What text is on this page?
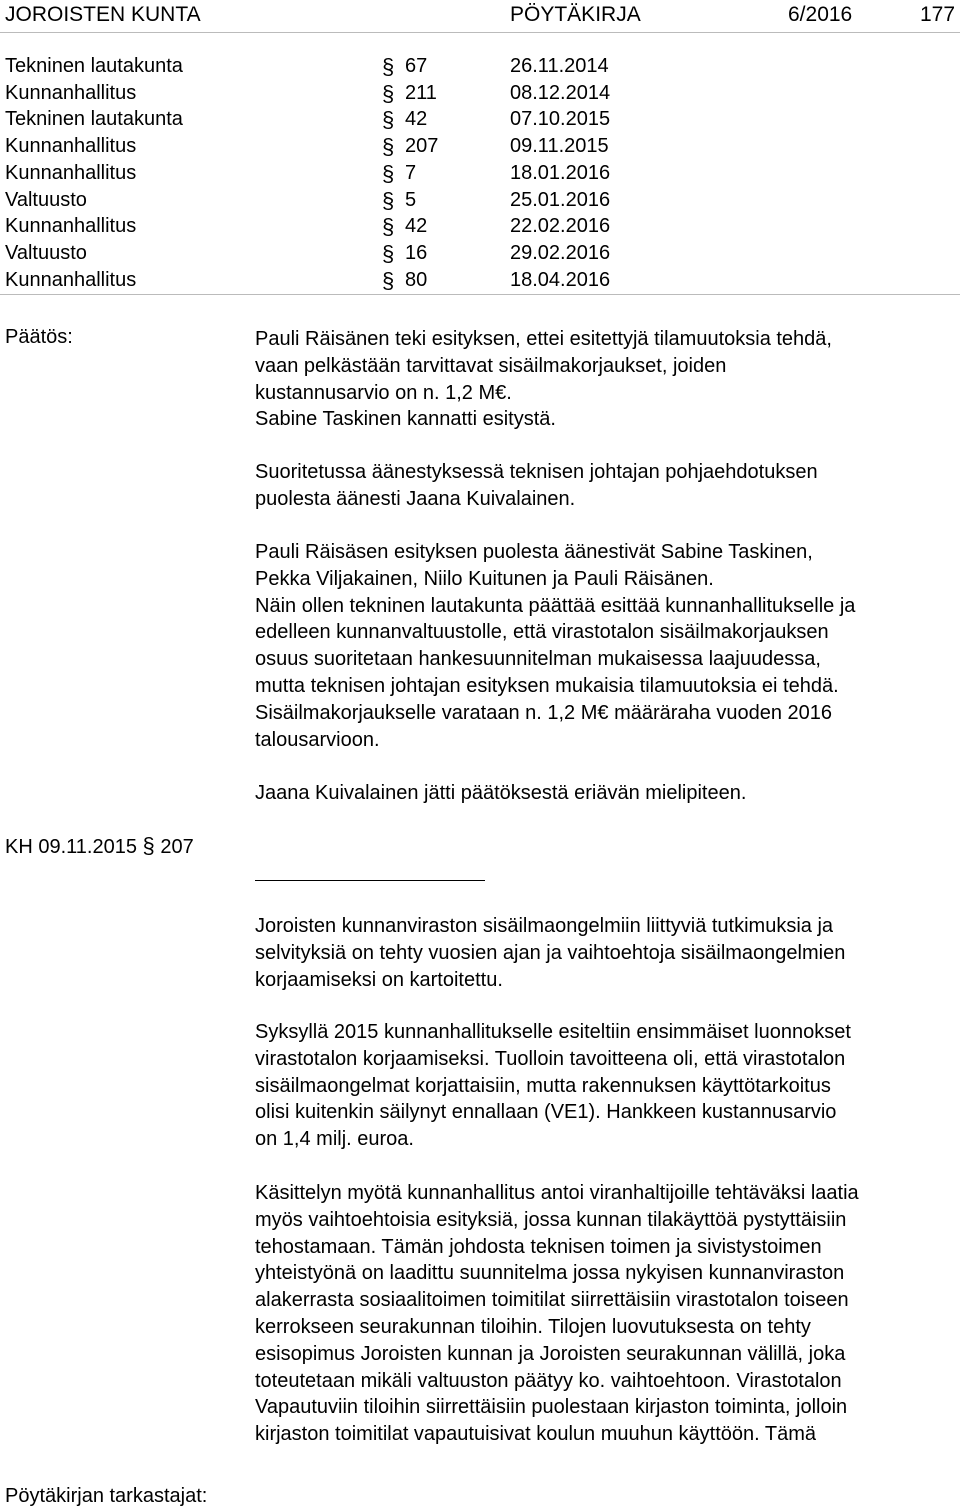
JOROISTEN KUNTA	PÖYTÄKIRJA	6/2016	177
Tekninen lautakunta	§ 67	26.11.2014
Kunnanhallitus	§ 211	08.12.2014
Tekninen lautakunta	§ 42	07.10.2015
Kunnanhallitus	§ 207	09.11.2015
Kunnanhallitus	§ 7	18.01.2016
Valtuusto	§ 5	25.01.2016
Kunnanhallitus	§ 42	22.02.2016
Valtuusto	§ 16	29.02.2016
Kunnanhallitus	§ 80	18.04.2016
Päätös:	Pauli Räisänen teki esityksen, ettei esitettyjä tilamuutoksia tehdä,
vaan pelkästään tarvittavat sisäilmakorjaukset, joiden
kustannusarvio on n. 1,2 M€.
Sabine Taskinen kannatti esitystä.
Suoritetussa äänestyksessä teknisen johtajan pohjaehdotuksen
puolesta äänesti Jaana Kuivalainen.
Pauli Räisäsen esityksen puolesta äänestivät Sabine Taskinen,
Pekka Viljakainen, Niilo Kuitunen ja Pauli Räisänen.
Näin ollen tekninen lautakunta päättää esittää kunnanhallitukselle ja
edelleen kunnanvaltuustolle, että virastotalon sisäilmakorjauksen
osuus suoritetaan hankesuunnitelman mukaisessa laajuudessa,
mutta teknisen johtajan esityksen mukaisia tilamuutoksia ei tehdä.
Sisäilmakorjaukselle varataan n. 1,2 M€ määräraha vuoden 2016
talousarvioon.
Jaana Kuivalainen jätti päätöksestä eriävän mielipiteen.
KH 09.11.2015 § 207
Joroisten kunnanviraston sisäilmaongelmiin liittyviä tutkimuksia ja
selvityksiä on tehty vuosien ajan ja vaihtoehtoja sisäilmaongelmien
korjaamiseksi on kartoitettu.
Syksyllä 2015 kunnanhallitukselle esiteltiin ensimmäiset luonnokset
virastotalon korjaamiseksi. Tuolloin tavoitteena oli, että virastotalon
sisäilmaongelmat korjattaisiin, mutta rakennuksen käyttötarkoitus
olisi kuitenkin säilynyt ennallaan (VE1). Hankkeen kustannusarvio
on 1,4 milj. euroa.
Käsittelyn myötä kunnanhallitus antoi viranhaltijoille tehtäväksi laatia
myös vaihtoehtoisia esityksiä, jossa kunnan tilakäyttöä pystyttäisiin
tehostamaan. Tämän johdosta teknisen toimen ja sivistystoimen
yhteistyönä on laadittu suunnitelma jossa nykyisen kunnanviraston
alakerrasta sosiaalitoimen toimitilat siirrettäisiin virastotalon toiseen
kerrokseen seurakunnan tiloihin. Tilojen luovutuksesta on tehty
esisopimus Joroisten kunnan ja Joroisten seurakunnan välillä, joka
toteutetaan mikäli valtuuston päätyy ko. vaihtoehtoon. Virastotalon
Vapautuviin tiloihin siirrettäisiin puolestaan kirjaston toiminta, jolloin
kirjaston toimitilat vapautuisivat koulun muuhun käyttöön. Tämä
Pöytäkirjan tarkastajat:
